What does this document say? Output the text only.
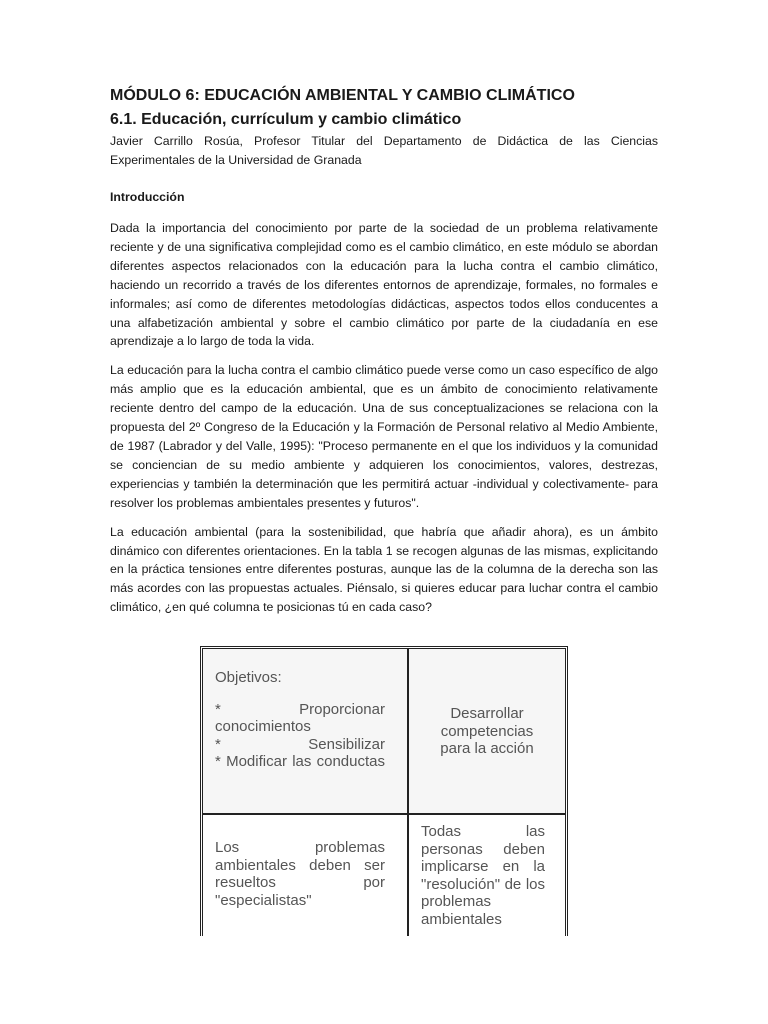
MÓDULO 6: EDUCACIÓN AMBIENTAL Y CAMBIO CLIMÁTICO
6.1. Educación, currículum y cambio climático

Javier Carrillo Rosúa, Profesor Titular del Departamento de Didáctica de las Ciencias Experimentales de la Universidad de Granada

Introducción

Dada la importancia del conocimiento por parte de la sociedad de un problema relativamente reciente y de una significativa complejidad como es el cambio climático, en este módulo se abordan diferentes aspectos relacionados con la educación para la lucha contra el cambio climático, haciendo un recorrido a través de los diferentes entornos de aprendizaje, formales, no formales e informales; así como de diferentes metodologías didácticas, aspectos todos ellos conducentes a una alfabetización ambiental y sobre el cambio climático por parte de la ciudadanía en ese aprendizaje a lo largo de toda la vida.

La educación para la lucha contra el cambio climático puede verse como un caso específico de algo más amplio que es la educación ambiental, que es un ámbito de conocimiento relativamente reciente dentro del campo de la educación. Una de sus conceptualizaciones se relaciona con la propuesta del 2º Congreso de la Educación y la Formación de Personal relativo al Medio Ambiente, de 1987 (Labrador y del Valle, 1995): "Proceso permanente en el que los individuos y la comunidad se conciencian de su medio ambiente y adquieren los conocimientos, valores, destrezas, experiencias y también la determinación que les permitirá actuar -individual y colectivamente- para resolver los problemas ambientales presentes y futuros".

La educación ambiental (para la sostenibilidad, que habría que añadir ahora), es un ámbito dinámico con diferentes orientaciones. En la tabla 1 se recogen algunas de las mismas, explicitando en la práctica tensiones entre diferentes posturas, aunque las de la columna de la derecha son las más acordes con las propuestas actuales. Piénsalo, si quieres educar para luchar contra el cambio climático, ¿en qué columna te posicionas tú en cada caso?

Objetivos:

* Proporcionar conocimientos

* Sensibilizar

* Modificar las conductas

Desarrollar competencias para la acción
Los problemas ambientales deben ser resueltos por "especialistas"
Todas las personas deben implicarse en la "resolución" de los problemas ambientales
